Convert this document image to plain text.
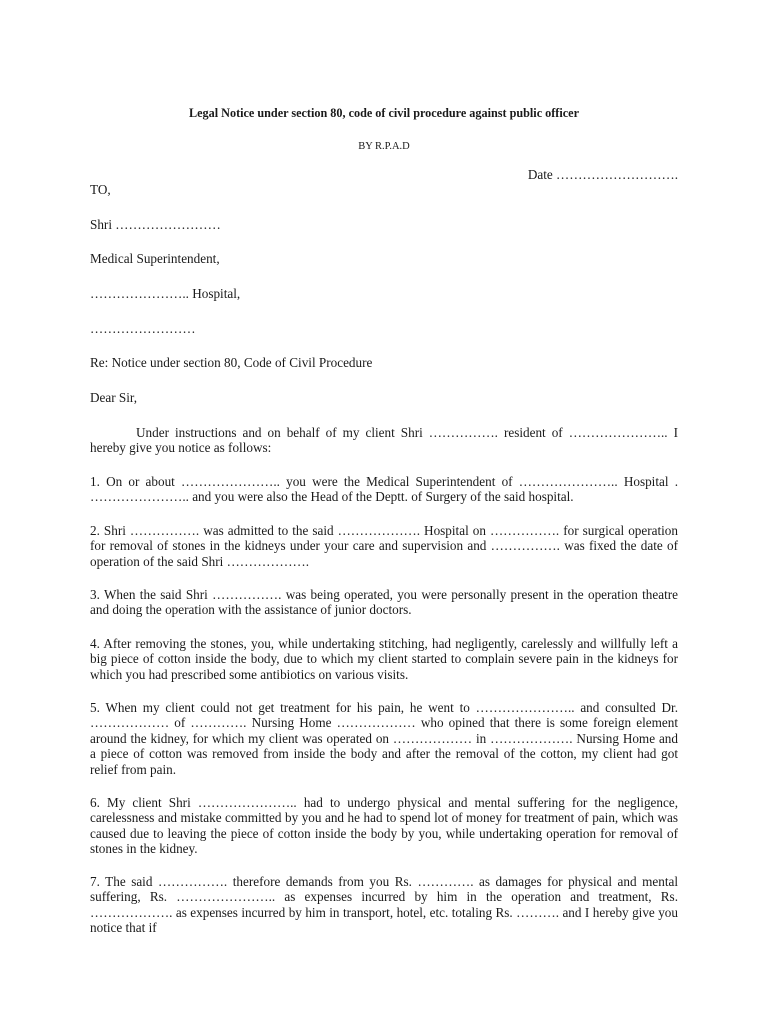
Legal Notice under section 80, code of civil procedure against public officer

BY R.P.A.D

Date ……………………….

TO,

Shri ……………………

Medical Superintendent,

………………….. Hospital,

……………………

Re: Notice under section 80, Code of Civil Procedure

Dear Sir,

Under instructions and on behalf of my client Shri ……………. resident of ………………….. I hereby give you notice as follows:

1. On or about ………………….. you were the Medical Superintendent of ………………….. Hospital . ………………….. and you were also the Head of the Deptt. of Surgery of the said hospital.

2. Shri ……………. was admitted to the said ………………. Hospital on ……………. for surgical operation for removal of stones in the kidneys under your care and supervision and ……………. was fixed the date of operation of the said Shri ……………….

3. When the said Shri ……………. was being operated, you were personally present in the operation theatre and doing the operation with the assistance of junior doctors.

4. After removing the stones, you, while undertaking stitching, had negligently, carelessly and willfully left a big piece of cotton inside the body, due to which my client started to complain severe pain in the kidneys for which you had prescribed some antibiotics on various visits.

5. When my client could not get treatment for his pain, he went to ………………….. and consulted Dr. ……………… of …………. Nursing Home ……………… who opined that there is some foreign element around the kidney, for which my client was operated on ……………… in ………………. Nursing Home and a piece of cotton was removed from inside the body and after the removal of the cotton, my client had got relief from pain.

6. My client Shri ………………….. had to undergo physical and mental suffering for the negligence, carelessness and mistake committed by you and he had to spend lot of money for treatment of pain, which was caused due to leaving the piece of cotton inside the body by you, while undertaking operation for removal of stones in the kidney.

7. The said ……………. therefore demands from you Rs. …………. as damages for physical and mental suffering, Rs. ………………….. as expenses incurred by him in the operation and treatment, Rs. ………………. as expenses incurred by him in transport, hotel, etc. totaling Rs. ………. and I hereby give you notice that if
